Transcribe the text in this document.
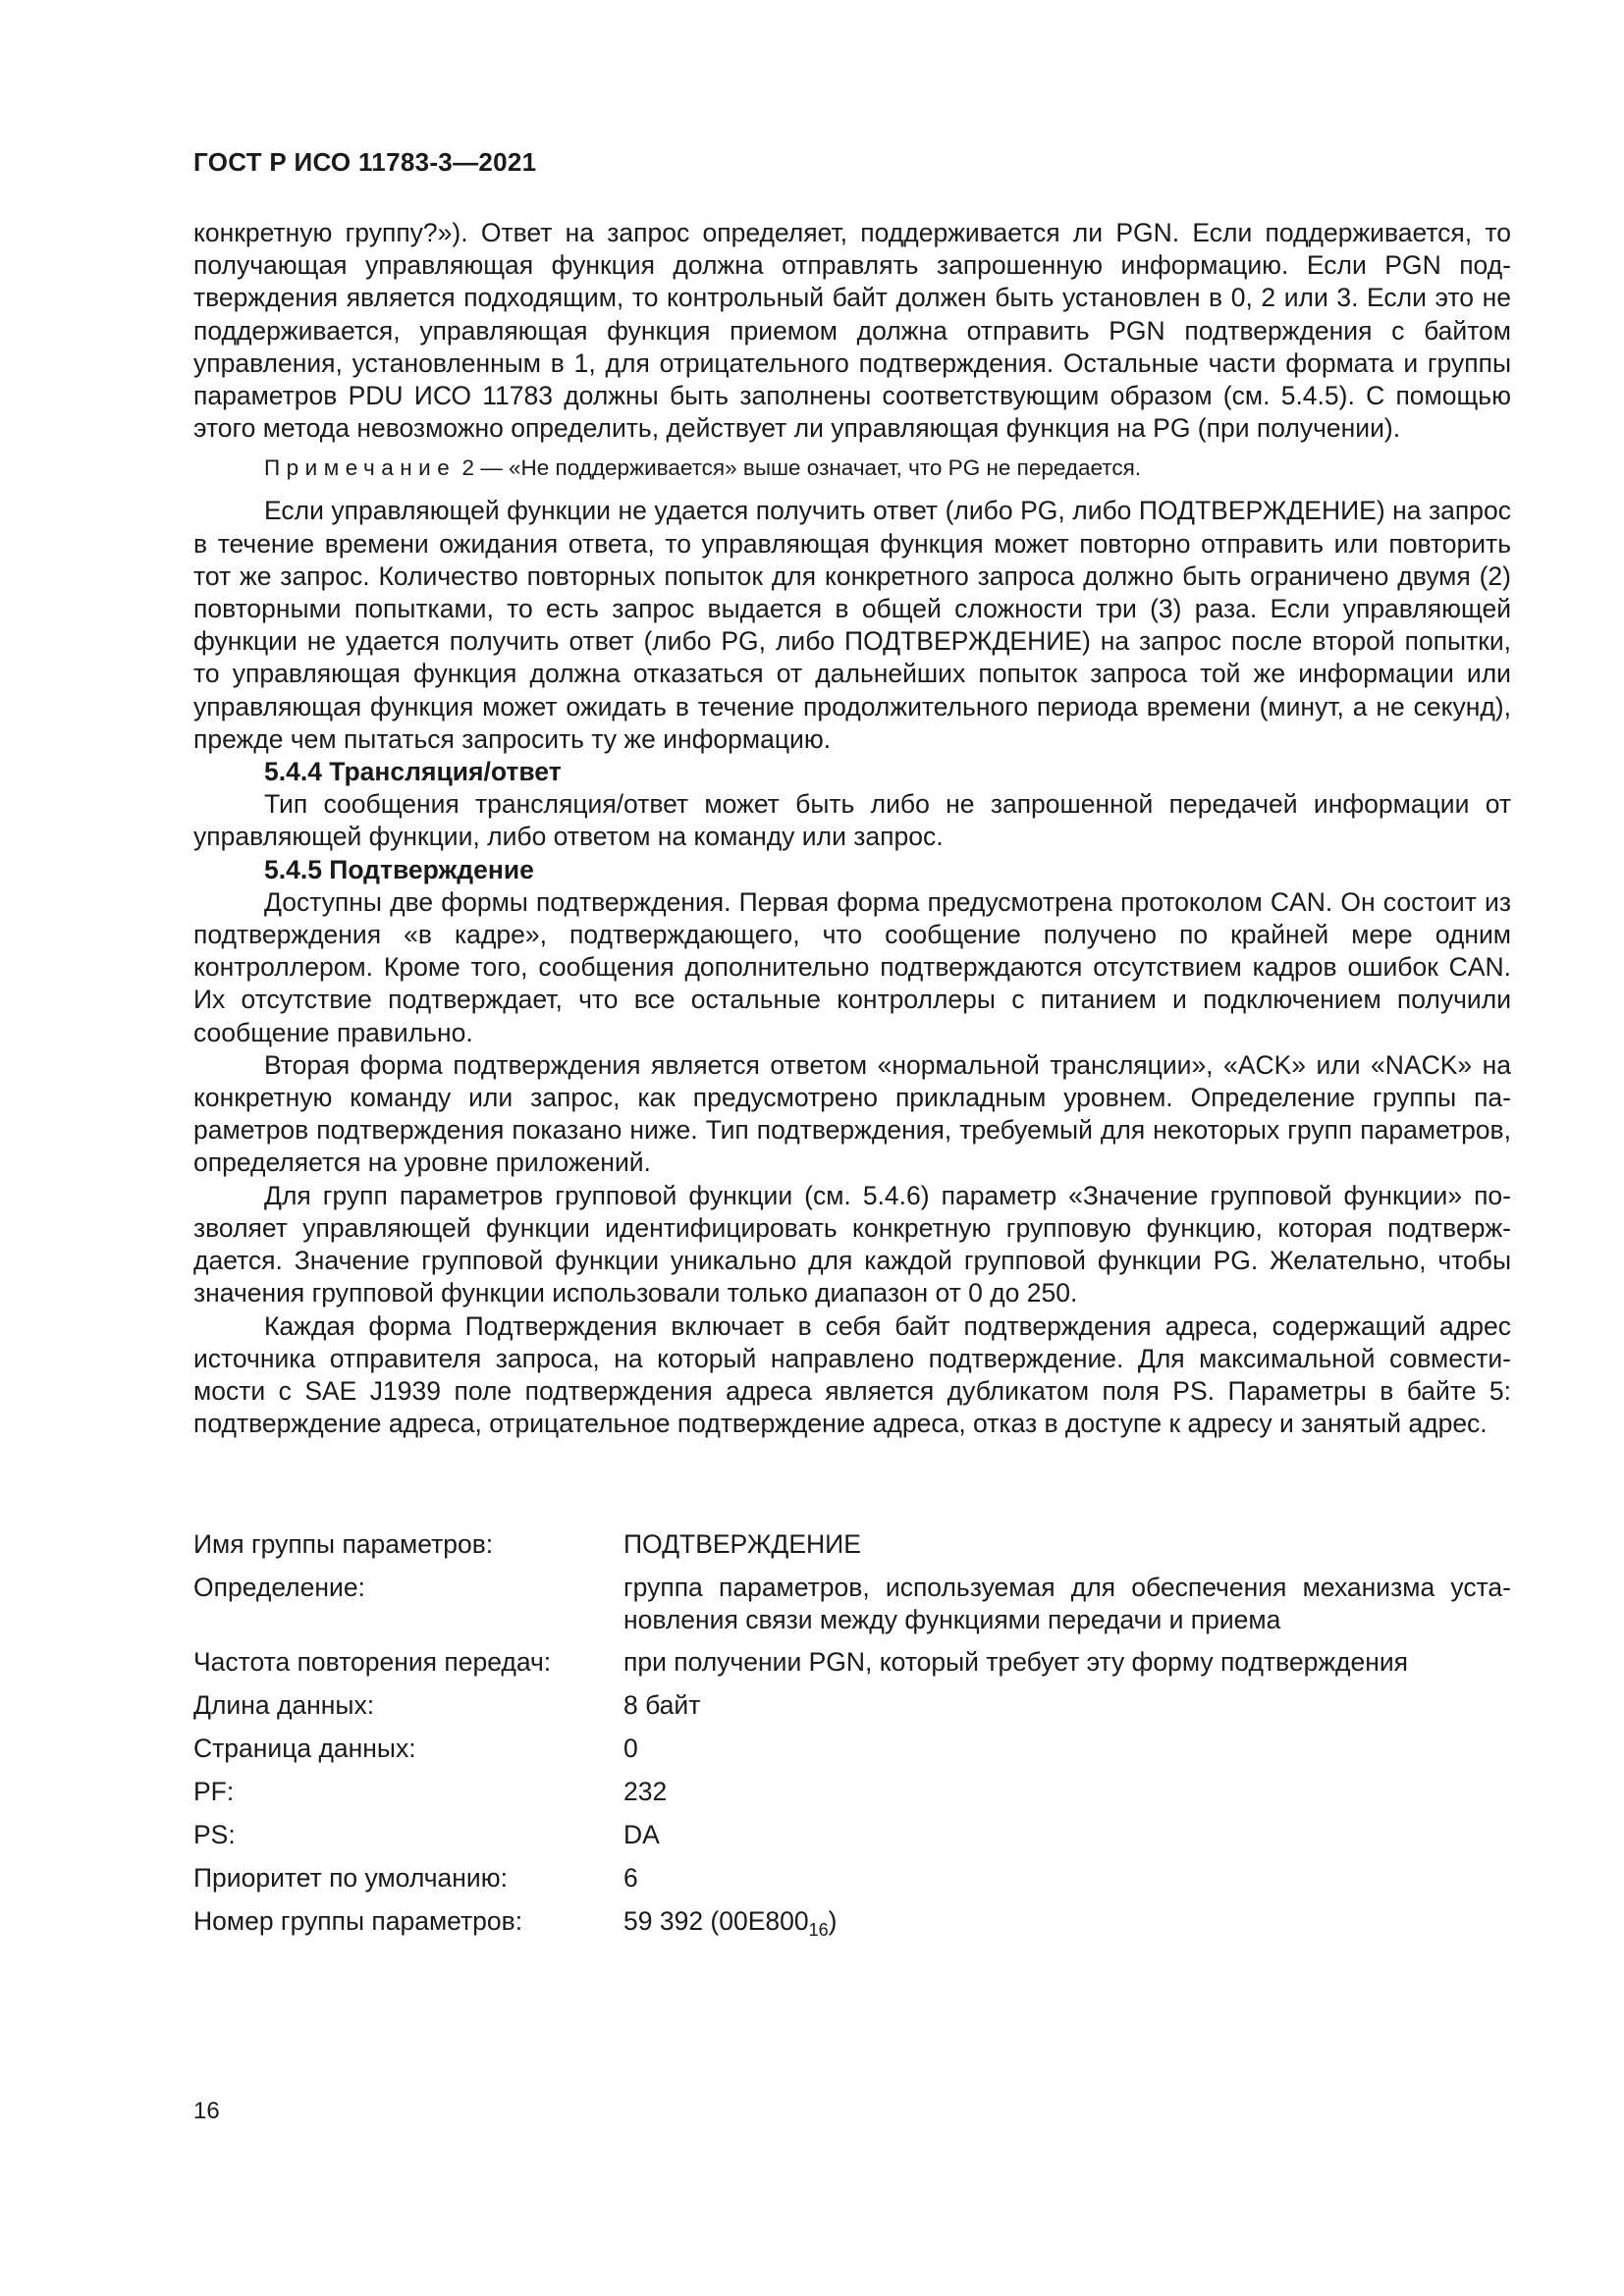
ГОСТ Р ИСО 11783-3—2021

конкретную группу?»). Ответ на запрос определяет, поддерживается ли PGN. Если поддерживается, то получающая управляющая функция должна отправлять запрошенную информацию. Если PGN подтверждения является подходящим, то контрольный байт должен быть установлен в 0, 2 или 3. Если это не поддерживается, управляющая функция приемом должна отправить PGN подтверждения с байтом управления, установленным в 1, для отрицательного подтверждения. Остальные части формата и группы параметров PDU ИСО 11783 должны быть заполнены соответствующим образом (см. 5.4.5). С помощью этого метода невозможно определить, действует ли управляющая функция на PG (при получении).

Примечание 2 — «Не поддерживается» выше означает, что PG не передается.

Если управляющей функции не удается получить ответ (либо PG, либо ПОДТВЕРЖДЕНИЕ) на запрос в течение времени ожидания ответа, то управляющая функция может повторно отправить или повторить тот же запрос. Количество повторных попыток для конкретного запроса должно быть ограничено двумя (2) повторными попытками, то есть запрос выдается в общей сложности три (3) раза. Если управляющей функции не удается получить ответ (либо PG, либо ПОДТВЕРЖДЕНИЕ) на запрос после второй попытки, то управляющая функция должна отказаться от дальнейших попыток запроса той же информации или управляющая функция может ожидать в течение продолжительного периода времени (минут, а не секунд), прежде чем пытаться запросить ту же информацию.

5.4.4 Трансляция/ответ

Тип сообщения трансляция/ответ может быть либо не запрошенной передачей информации от управляющей функции, либо ответом на команду или запрос.

5.4.5 Подтверждение

Доступны две формы подтверждения. Первая форма предусмотрена протоколом CAN. Он состоит из подтверждения «в кадре», подтверждающего, что сообщение получено по крайней мере одним контроллером. Кроме того, сообщения дополнительно подтверждаются отсутствием кадров ошибок CAN. Их отсутствие подтверждает, что все остальные контроллеры с питанием и подключением получили сообщение правильно.

Вторая форма подтверждения является ответом «нормальной трансляции», «ACK» или «NACK» на конкретную команду или запрос, как предусмотрено прикладным уровнем. Определение группы параметров подтверждения показано ниже. Тип подтверждения, требуемый для некоторых групп параметров, определяется на уровне приложений.

Для групп параметров групповой функции (см. 5.4.6) параметр «Значение групповой функции» позволяет управляющей функции идентифицировать конкретную групповую функцию, которая подтверждается. Значение групповой функции уникально для каждой групповой функции PG. Желательно, чтобы значения групповой функции использовали только диапазон от 0 до 250.

Каждая форма Подтверждения включает в себя байт подтверждения адреса, содержащий адрес источника отправителя запроса, на который направлено подтверждение. Для максимальной совместимости с SAE J1939 поле подтверждения адреса является дубликатом поля PS. Параметры в байте 5: подтверждение адреса, отрицательное подтверждение адреса, отказ в доступе к адресу и занятый адрес.

Имя группы параметров:	ПОДТВЕРЖДЕНИЕ
Определение:	группа параметров, используемая для обеспечения механизма установления связи между функциями передачи и приема
Частота повторения передач:	при получении PGN, который требует эту форму подтверждения
Длина данных:	8 байт
Страница данных:	0
PF:	232
PS:	DA
Приоритет по умолчанию:	6
Номер группы параметров:	59 392 $(00E800_{16})$
16
